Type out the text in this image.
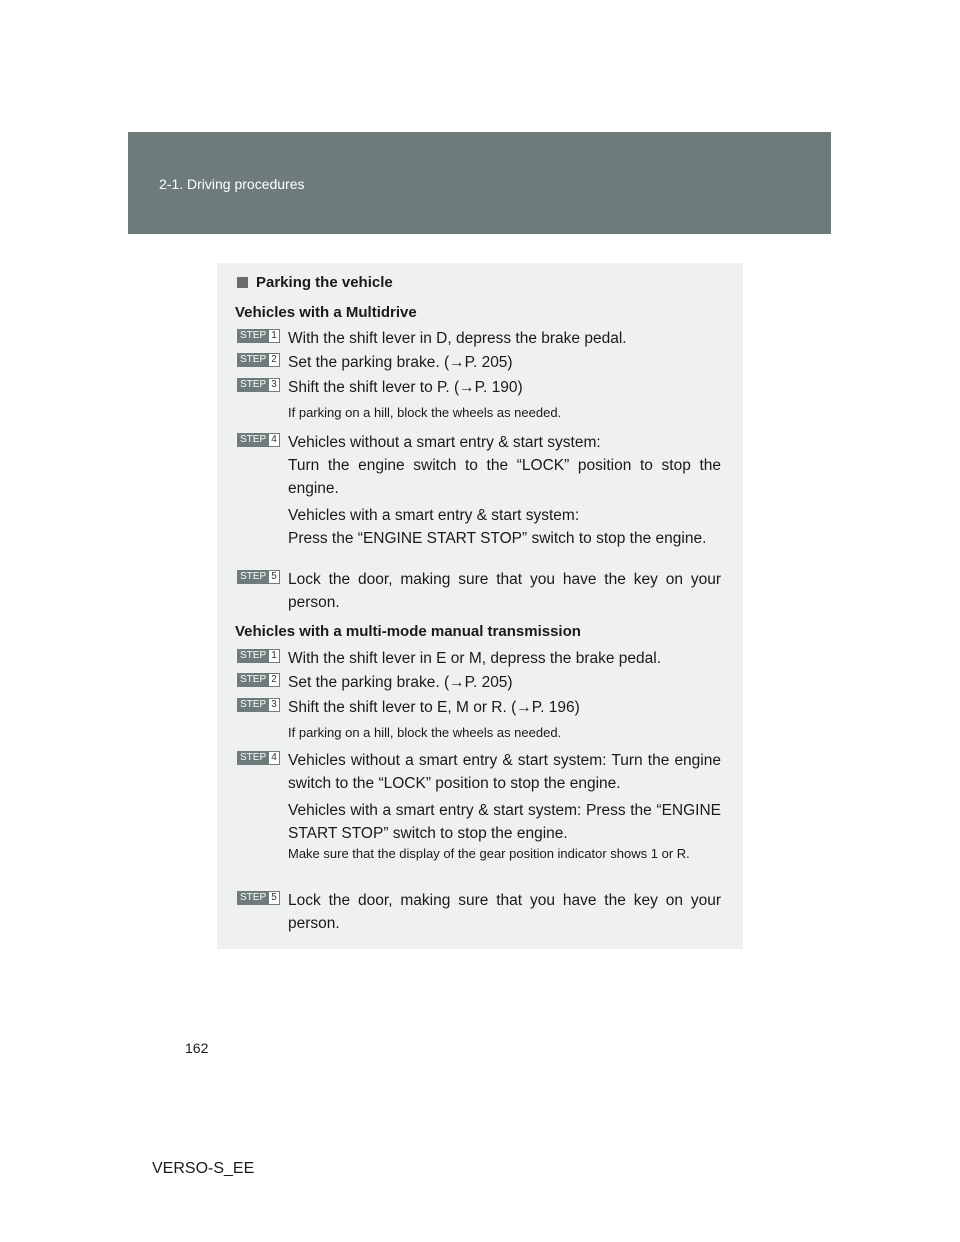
2-1. Driving procedures
Parking the vehicle
Vehicles with a Multidrive
STEP 1 With the shift lever in D, depress the brake pedal.

STEP 2 Set the parking brake. (→P. 205)

STEP 3 Shift the shift lever to P. (→P. 190)

If parking on a hill, block the wheels as needed.
STEP 4 Vehicles without a smart entry & start system:

Turn the engine switch to the “LOCK” position to stop the engine.

Vehicles with a smart entry & start system:

Press the “ENGINE START STOP” switch to stop the engine.

STEP 5 Lock the door, making sure that you have the key on your person.

Vehicles with a multi-mode manual transmission
STEP 1 With the shift lever in E or M, depress the brake pedal.

STEP 2 Set the parking brake. (→P. 205)

STEP 3 Shift the shift lever to E, M or R. (→P. 196)

If parking on a hill, block the wheels as needed.
STEP 4 Vehicles without a smart entry & start system: Turn the engine switch to the “LOCK” position to stop the engine.

Vehicles with a smart entry & start system: Press the “ENGINE START STOP” switch to stop the engine.

Make sure that the display of the gear position indicator shows 1 or R.
STEP 5 Lock the door, making sure that you have the key on your person.

162
VERSO-S_EE
